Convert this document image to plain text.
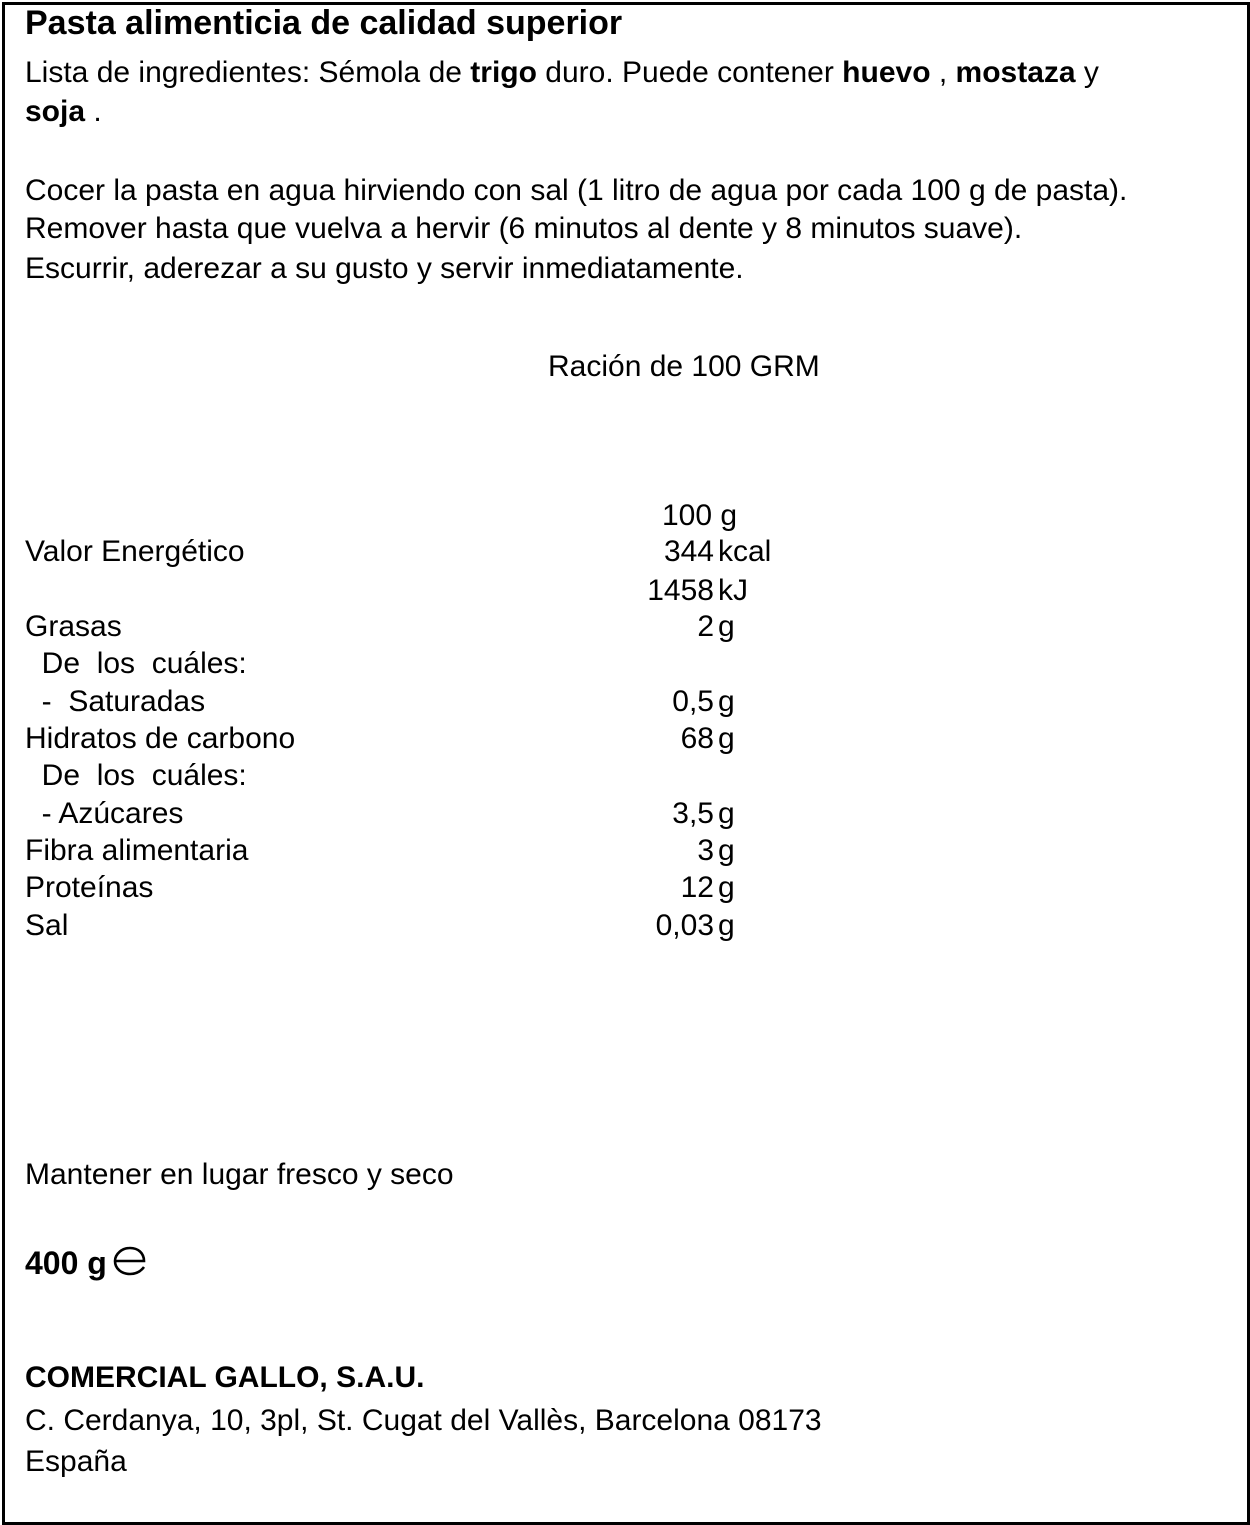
Pasta alimenticia de calidad superior
Lista de ingredientes: Sémola de trigo duro. Puede contener huevo , mostaza y
soja .
Cocer la pasta en agua hirviendo con sal (1 litro de agua por cada 100 g de pasta).
Remover hasta que vuelva a hervir (6 minutos al dente y 8 minutos suave).
Escurrir, aderezar a su gusto y servir inmediatamente.
Ración de 100 GRM
100 g
Valor Energético	344 kcal
1458 kJ
Grasas	2 g
De  los  cuáles:
-  Saturadas	0,5 g
Hidratos de carbono	68 g
De  los  cuáles:
- Azúcares	3,5 g
Fibra alimentaria	3 g
Proteínas	12 g
Sal	0,03 g
Mantener en lugar fresco y seco
400 g
COMERCIAL GALLO, S.A.U.
C. Cerdanya, 10, 3pl, St. Cugat del Vallès, Barcelona 08173
España
